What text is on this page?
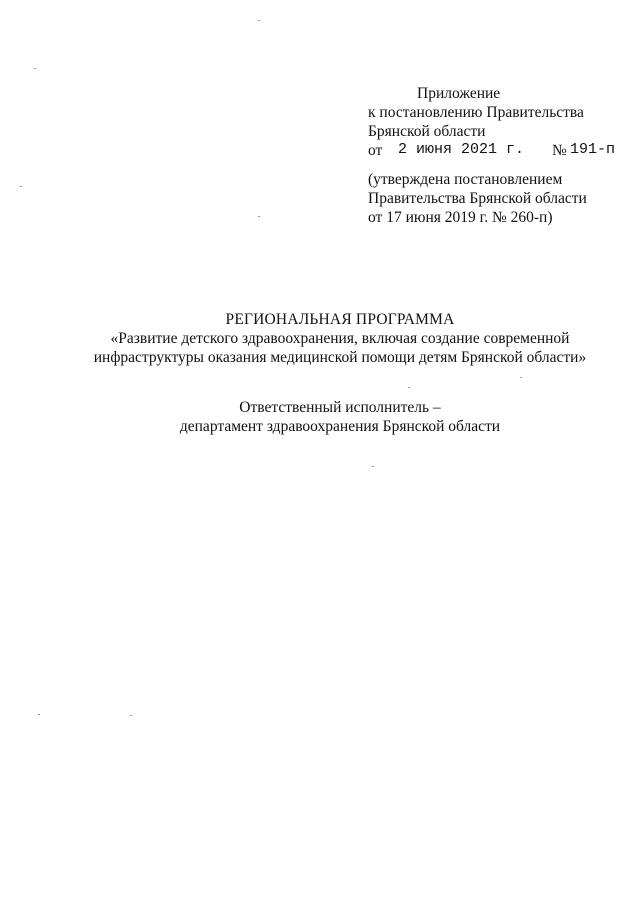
Приложение
к постановлению Правительства
Брянской области
от 2 июня 2021 г. № 191-п
(утверждена постановлением
Правительства Брянской области
от 17 июня 2019 г. № 260-п)
РЕГИОНАЛЬНАЯ ПРОГРАММА
«Развитие детского здравоохранения, включая создание современной
инфраструктуры оказания медицинской помощи детям Брянской области»
Ответственный исполнитель –
департамент здравоохранения Брянской области
